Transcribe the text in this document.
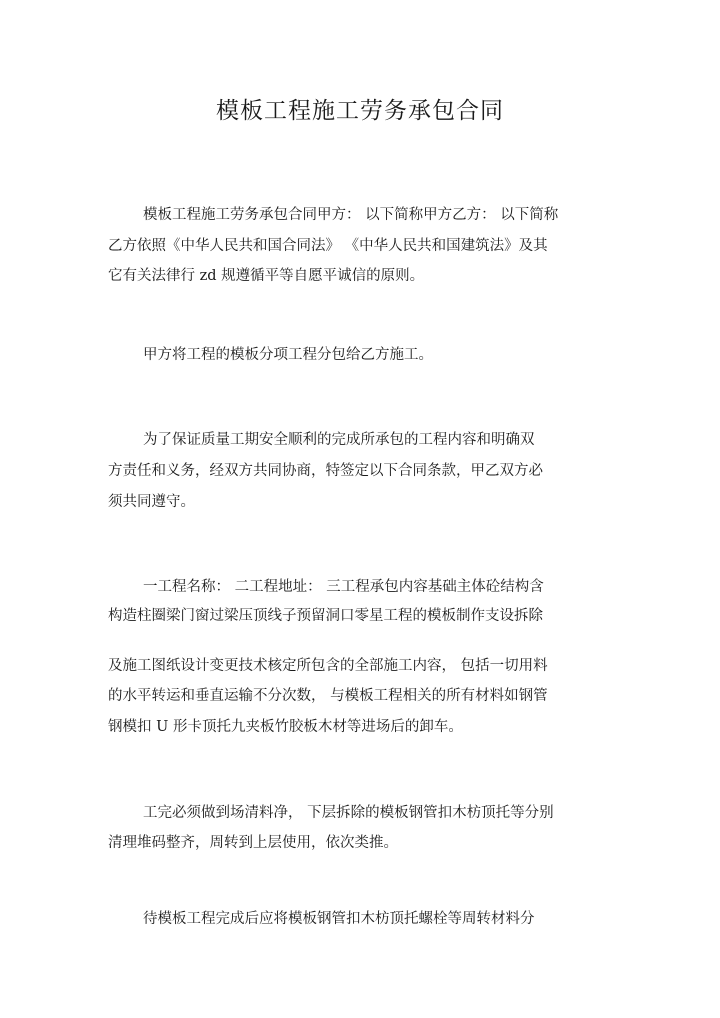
模板工程施工劳务承包合同

模板工程施工劳务承包合同甲方： 以下简称甲方乙方： 以下简称

乙方依照《中华人民共和国合同法》 《中华人民共和国建筑法》及其

它有关法律行 zd 规遵循平等自愿平诚信的原则。

甲方将工程的模板分项工程分包给乙方施工。

为了保证质量工期安全顺利的完成所承包的工程内容和明确双

方责任和义务，经双方共同协商，特签定以下合同条款，甲乙双方必

须共同遵守。

一工程名称： 二工程地址： 三工程承包内容基础主体砼结构含

构造柱圈梁门窗过梁压顶线子预留洞口零星工程的模板制作支设拆除

及施工图纸设计变更技术核定所包含的全部施工内容， 包括一切用料

的水平转运和垂直运输不分次数， 与模板工程相关的所有材料如钢管

钢模扣 U 形卡顶托九夹板竹胶板木材等进场后的卸车。

工完必须做到场清料净， 下层拆除的模板钢管扣木枋顶托等分别

清理堆码整齐，周转到上层使用，依次类推。

待模板工程完成后应将模板钢管扣木枋顶托螺栓等周转材料分
